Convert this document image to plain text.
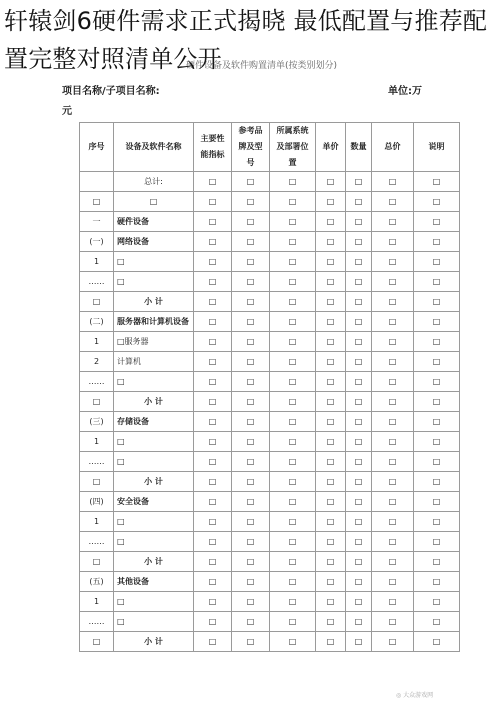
轩辕剑6硬件需求正式揭晓 最低配置与推荐配置完整对照清单公开
硬件设备及软件购置清单(按类别划分)
项目名称/子项目名称:	单位:万
元
序号	设备及软件名称	主要性能指标	参考品牌及型号	所属系统及部署位置	单价	数量	总价	说明
	总计:	□	□	□	□	□	□	□
□	□	□	□	□	□	□	□	□
一	硬件设备	□	□	□	□	□	□	□
(一)	网络设备	□	□	□	□	□	□	□
1	□	□	□	□	□	□	□	□
……	□	□	□	□	□	□	□	□
□	小 计	□	□	□	□	□	□	□
(二)	服务器和计算机设备	□	□	□	□	□	□	□
1	□服务器	□	□	□	□	□	□	□
2	计算机	□	□	□	□	□	□	□
……	□	□	□	□	□	□	□	□
□	小 计	□	□	□	□	□	□	□
(三)	存储设备	□	□	□	□	□	□	□
1	□	□	□	□	□	□	□	□
……	□	□	□	□	□	□	□	□
□	小 计	□	□	□	□	□	□	□
(四)	安全设备	□	□	□	□	□	□	□
1	□	□	□	□	□	□	□	□
……	□	□	□	□	□	□	□	□
□	小 计	□	□	□	□	□	□	□
(五)	其他设备	□	□	□	□	□	□	□
1	□	□	□	□	□	□	□	□
……	□	□	□	□	□	□	□	□
□	小 计	□	□	□	□	□	□	□
◎ 大众游戏网
